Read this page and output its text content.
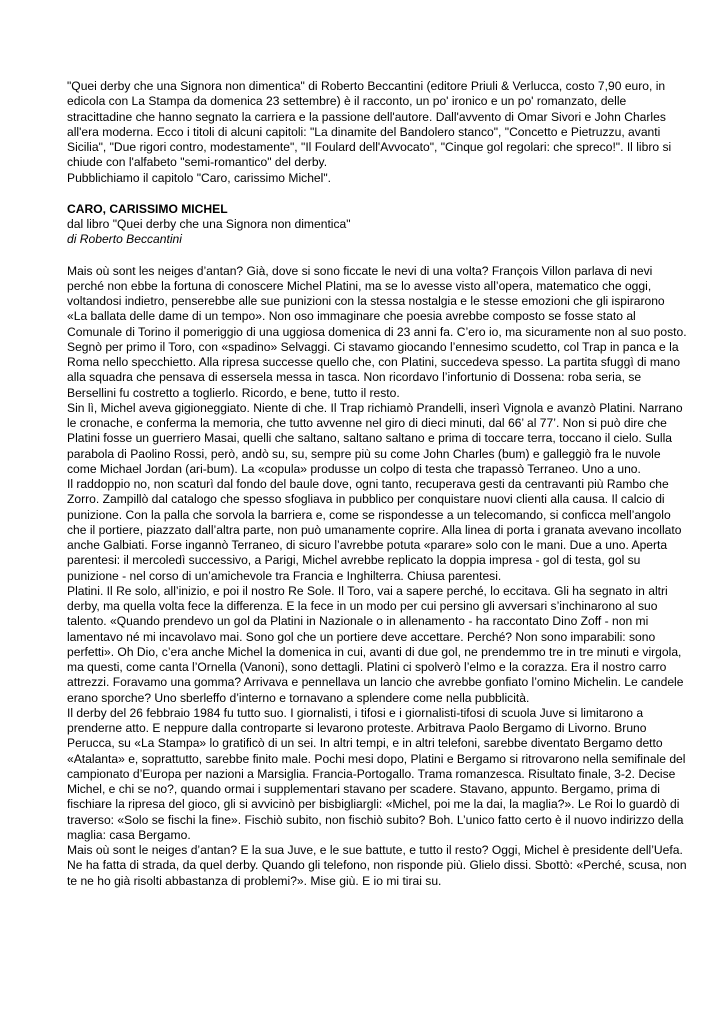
"Quei derby che una Signora non dimentica" di Roberto Beccantini (editore Priuli & Verlucca, costo 7,90 euro, in edicola con La Stampa da domenica 23 settembre) è il racconto, un po' ironico e un po' romanzato, delle stracittadine che hanno segnato la carriera e la passione dell'autore. Dall'avvento di Omar Sivori e John Charles all'era moderna. Ecco i titoli di alcuni capitoli: "La dinamite del Bandolero stanco", "Concetto e Pietruzzu, avanti Sicilia", "Due rigori contro, modestamente", "Il Foulard dell'Avvocato", "Cinque gol regolari: che spreco!". Il libro si chiude con l'alfabeto "semi-romantico" del derby.

Pubblichiamo il capitolo "Caro, carissimo Michel".

CARO, CARISSIMO MICHEL

dal libro "Quei derby che una Signora non dimentica"

di Roberto Beccantini

Mais où sont les neiges d’antan? Già, dove si sono ficcate le nevi di una volta? François Villon parlava di nevi perché non ebbe la fortuna di conoscere Michel Platini, ma se lo avesse visto all’opera, matematico che oggi, voltandosi indietro, penserebbe alle sue punizioni con la stessa nostalgia e le stesse emozioni che gli ispirarono «La ballata delle dame di un tempo». Non oso immaginare che poesia avrebbe composto se fosse stato al Comunale di Torino il pomeriggio di una uggiosa domenica di 23 anni fa. C’ero io, ma sicuramente non al suo posto. Segnò per primo il Toro, con «spadino» Selvaggi. Ci stavamo giocando l’ennesimo scudetto, col Trap in panca e la Roma nello specchietto. Alla ripresa successe quello che, con Platini, succedeva spesso. La partita sfuggì di mano alla squadra che pensava di essersela messa in tasca. Non ricordavo l’infortunio di Dossena: roba seria, se Bersellini fu costretto a toglierlo. Ricordo, e bene, tutto il resto.

Sin lì, Michel aveva gigioneggiato. Niente di che. Il Trap richiamò Prandelli, inserì Vignola e avanzò Platini. Narrano le cronache, e conferma la memoria, che tutto avvenne nel giro di dieci minuti, dal 66’ al 77’. Non si può dire che Platini fosse un guerriero Masai, quelli che saltano, saltano saltano e prima di toccare terra, toccano il cielo. Sulla parabola di Paolino Rossi, però, andò su, su, sempre più su come John Charles (bum) e galleggiò fra le nuvole come Michael Jordan (ari-bum). La «copula» produsse un colpo di testa che trapassò Terraneo. Uno a uno.

Il raddoppio no, non scaturì dal fondo del baule dove, ogni tanto, recuperava gesti da centravanti più Rambo che Zorro. Zampillò dal catalogo che spesso sfogliava in pubblico per conquistare nuovi clienti alla causa. Il calcio di punizione. Con la palla che sorvola la barriera e, come se rispondesse a un telecomando, si conficca mell’angolo che il portiere, piazzato dall’altra parte, non può umanamente coprire. Alla linea di porta i granata avevano incollato anche Galbiati. Forse ingannò Terraneo, di sicuro l’avrebbe potuta «parare» solo con le mani. Due a uno. Aperta parentesi: il mercoledì successivo, a Parigi, Michel avrebbe replicato la doppia impresa - gol di testa, gol su punizione - nel corso di un’amichevole tra Francia e Inghilterra. Chiusa parentesi.

Platini. Il Re solo, all’inizio, e poi il nostro Re Sole. Il Toro, vai a sapere perché, lo eccitava. Gli ha segnato in altri derby, ma quella volta fece la differenza. E la fece in un modo per cui persino gli avversari s’inchinarono al suo talento. «Quando prendevo un gol da Platini in Nazionale o in allenamento - ha raccontato Dino Zoff - non mi lamentavo né mi incavolavo mai. Sono gol che un portiere deve accettare. Perché? Non sono imparabili: sono perfetti». Oh Dio, c’era anche Michel la domenica in cui, avanti di due gol, ne prendemmo tre in tre minuti e virgola, ma questi, come canta l’Ornella (Vanoni), sono dettagli. Platini ci spolverò l’elmo e la corazza. Era il nostro carro attrezzi. Foravamo una gomma? Arrivava e pennellava un lancio che avrebbe gonfiato l’omino Michelin. Le candele erano sporche? Uno sberleffo d’interno e tornavano a splendere come nella pubblicità.

Il derby del 26 febbraio 1984 fu tutto suo. I giornalisti, i tifosi e i giornalisti-tifosi di scuola Juve si limitarono a prenderne atto. E neppure dalla controparte si levarono proteste. Arbitrava Paolo Bergamo di Livorno. Bruno Perucca, su «La Stampa» lo gratificò di un sei. In altri tempi, e in altri telefoni, sarebbe diventato Bergamo detto «Atalanta» e, soprattutto, sarebbe finito male. Pochi mesi dopo, Platini e Bergamo si ritrovarono nella semifinale del campionato d’Europa per nazioni a Marsiglia. Francia-Portogallo. Trama romanzesca. Risultato finale, 3-2. Decise Michel, e chi se no?, quando ormai i supplementari stavano per scadere. Stavano, appunto. Bergamo, prima di fischiare la ripresa del gioco, gli si avvicinò per bisbigliargli: «Michel, poi me la dai, la maglia?». Le Roi lo guardò di traverso: «Solo se fischi la fine». Fischiò subito, non fischiò subito? Boh. L’unico fatto certo è il nuovo indirizzo della maglia: casa Bergamo.

Mais où sont le neiges d’antan? E la sua Juve, e le sue battute, e tutto il resto? Oggi, Michel è presidente dell’Uefa. Ne ha fatta di strada, da quel derby. Quando gli telefono, non risponde più. Glielo dissi. Sbottò: «Perché, scusa, non te ne ho già risolti abbastanza di problemi?». Mise giù. E io mi tirai su.
